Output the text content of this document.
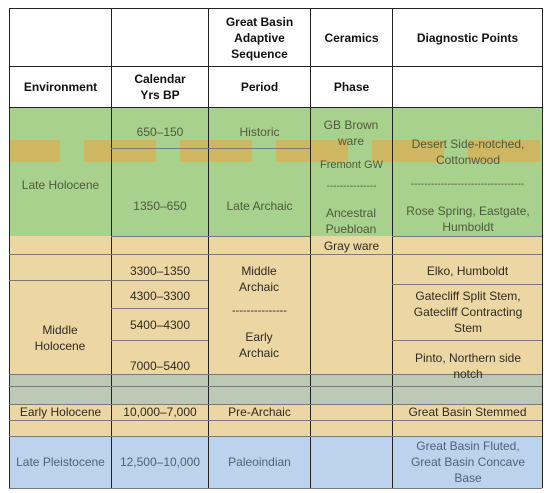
Great Basin Adaptive Sequence
Ceramics	Diagnostic Points
Environment
Calendar Yrs BP
Period	Phase
Late Holocene
Middle Holocene
Early Holocene
Late Pleistocene
650–150
1350–650
3300–1350
4300–3300
5400–4300
7000–5400
10,000–7,000
12,500–10,000
Historic
Late Archaic
Middle Archaic
---------------
Early Archaic
Pre-Archaic
Paleoindian
GB Brown ware
Fremont GW
---------------
Ancestral Puebloan
Gray ware
Desert Side-notched, Cottonwood
----------------------------------
Rose Spring, Eastgate, Humboldt
Elko, Humboldt
Gatecliff Split Stem, Gatecliff Contracting Stem
Pinto, Northern side notch
Great Basin Stemmed
Great Basin Fluted, Great Basin Concave Base
